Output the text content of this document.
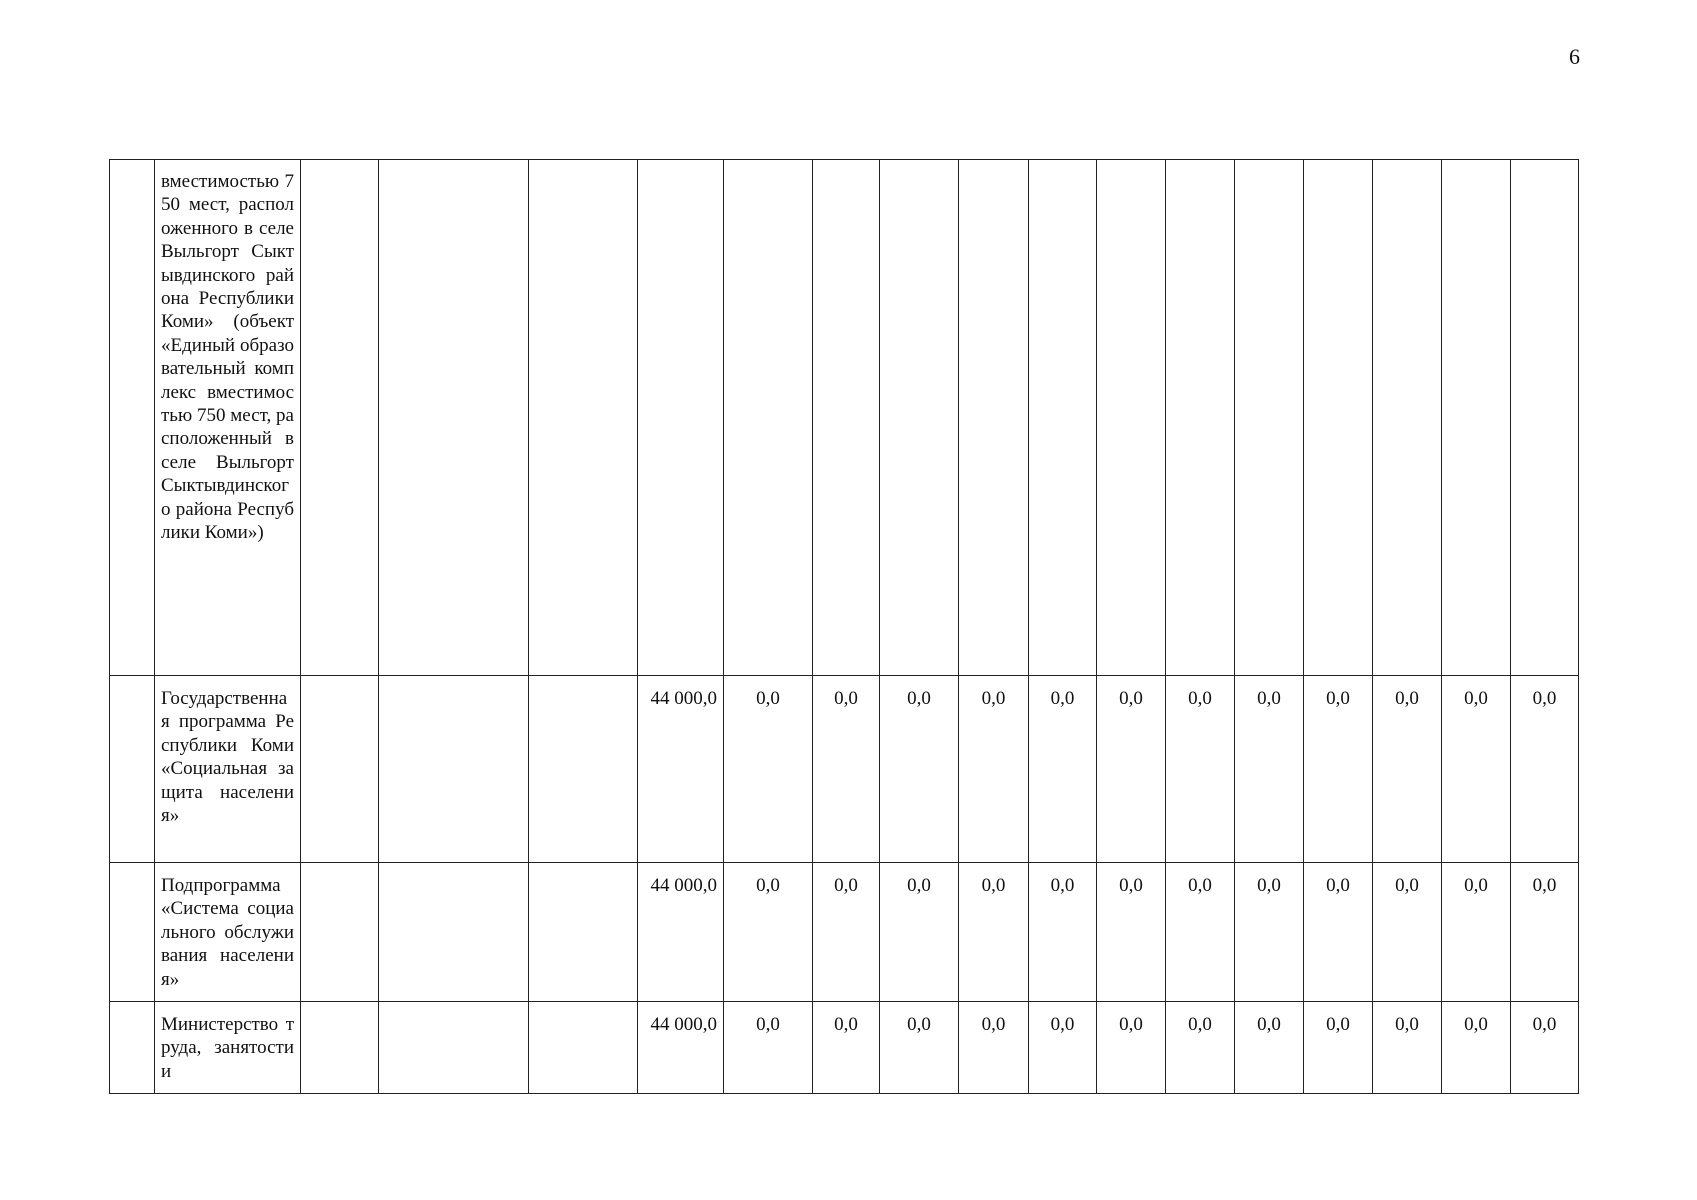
6

	вместимостью 750 мест, расположенного в селе Выльгорт Сыктывдинского района Республики Коми» (объект «Единый образовательный комплекс вместимостью 750 мест, расположенный в селе Выльгорт Сыктывдинского района Республики Коми»)																

	Государственная программа Республики Коми «Социальная защита населения»				44 000,0	0,0	0,0	0,0	0,0	0,0	0,0	0,0	0,0	0,0	0,0	0,0	0,0

	Подпрограмма «Система социального обслуживания населения»				44 000,0	0,0	0,0	0,0	0,0	0,0	0,0	0,0	0,0	0,0	0,0	0,0	0,0

	Министерство труда, занятости и				44 000,0	0,0	0,0	0,0	0,0	0,0	0,0	0,0	0,0	0,0	0,0	0,0	0,0
